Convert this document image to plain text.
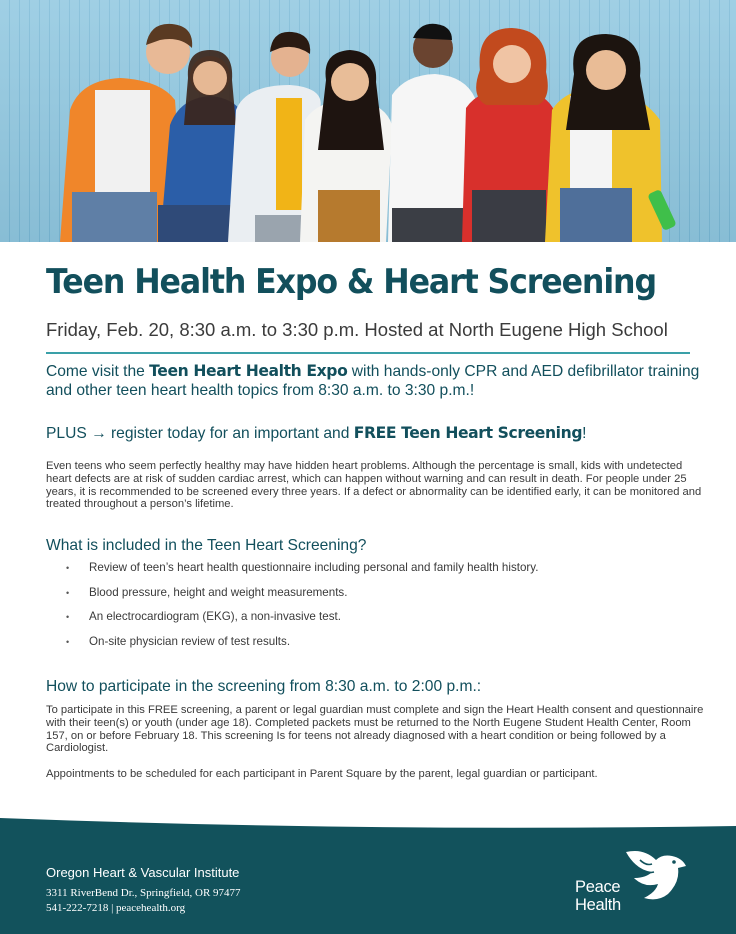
Teen Health Expo & Heart Screening
Friday, Feb. 20, 8:30 a.m. to 3:30 p.m. Hosted at North Eugene High School
Come visit the Teen Heart Health Expo with hands-only CPR and AED defibrillator training and other teen heart health topics from 8:30 a.m. to 3:30 p.m.!
PLUS → register today for an important and FREE Teen Heart Screening!

Even teens who seem perfectly healthy may have hidden heart problems. Although the percentage is small, kids with undetected heart defects are at risk of sudden cardiac arrest, which can happen without warning and can result in death. For people under 25 years, it is recommended to be screened every three years. If a defect or abnormality can be identified early, it can be monitored and treated throughout a person’s lifetime.

What is included in the Teen Heart Screening?
• Review of teen’s heart health questionnaire including personal and family health history.
• Blood pressure, height and weight measurements.
• An electrocardiogram (EKG), a non-invasive test.
• On-site physician review of test results.
How to participate in the screening from 8:30 a.m. to 2:00 p.m.:

To participate in this FREE screening, a parent or legal guardian must complete and sign the Heart Health consent and questionnaire with their teen(s) or youth (under age 18). Completed packets must be returned to the North Eugene Student Health Center, Room 157, on or before February 18. This screening Is for teens not already diagnosed with a heart condition or being followed by a Cardiologist.

Appointments to be scheduled for each participant in Parent Square by the parent, legal guardian or participant.

Oregon Heart & Vascular Institute
3311 RiverBend Dr., Springfield, OR 97477
541-222-7218 | peacehealth.org
Peace
Health
